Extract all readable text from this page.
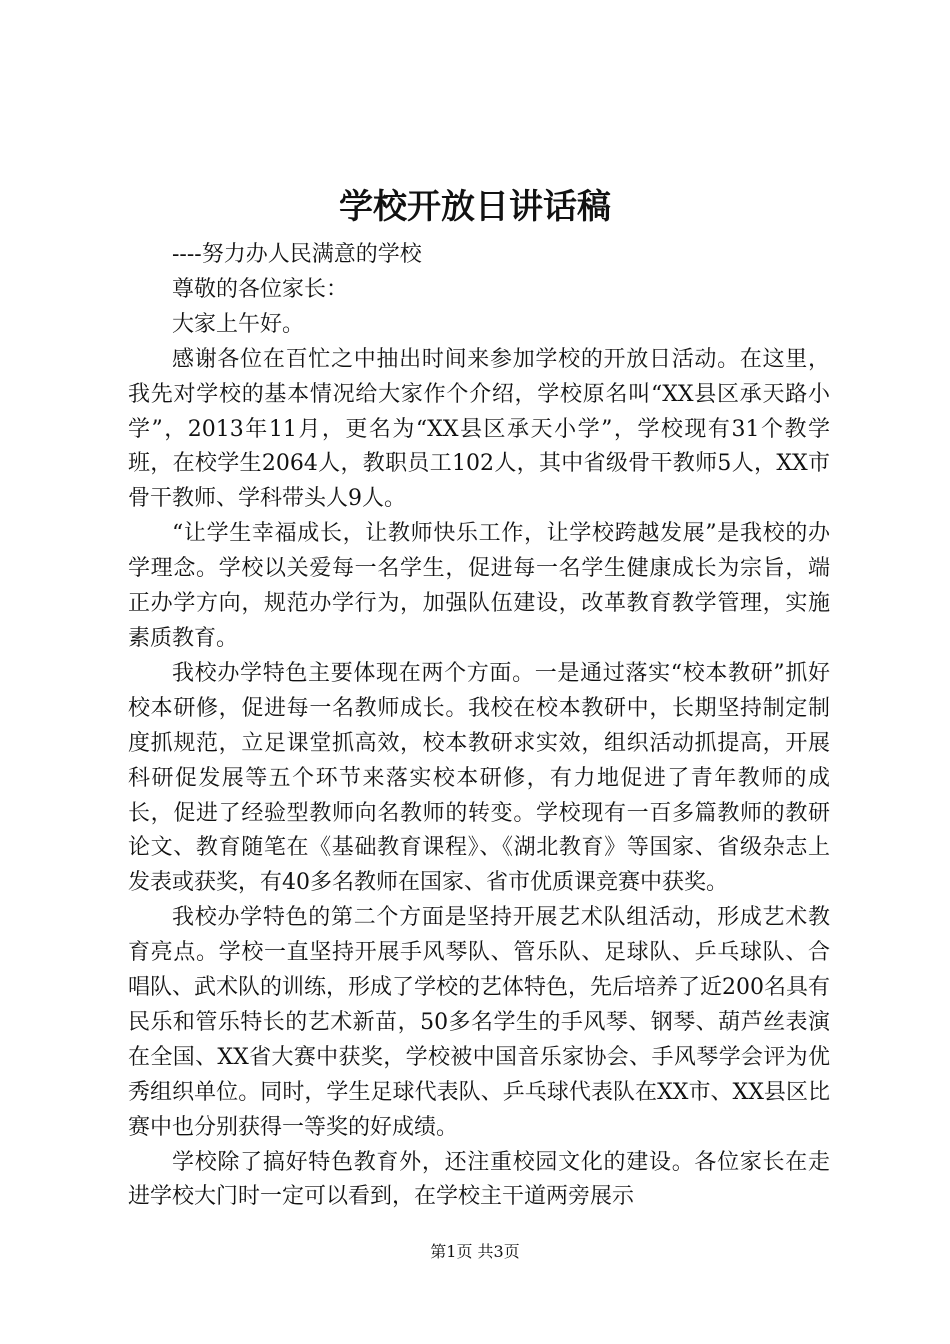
学校开放日讲话稿

----努力办人民满意的学校

尊敬的各位家长：

大家上午好。

感谢各位在百忙之中抽出时间来参加学校的开放日活动。在这里，我先对学校的基本情况给大家作个介绍，学校原名叫“XX县区承天路小学”，2013年11月，更名为“XX县区承天小学”，学校现有31个教学班，在校学生2064人，教职员工102人，其中省级骨干教师5人，XX市骨干教师、学科带头人9人。

“让学生幸福成长，让教师快乐工作，让学校跨越发展”是我校的办学理念。学校以关爱每一名学生，促进每一名学生健康成长为宗旨，端正办学方向，规范办学行为，加强队伍建设，改革教育教学管理，实施素质教育。

我校办学特色主要体现在两个方面。一是通过落实“校本教研”抓好校本研修，促进每一名教师成长。我校在校本教研中，长期坚持制定制度抓规范，立足课堂抓高效，校本教研求实效，组织活动抓提高，开展科研促发展等五个环节来落实校本研修，有力地促进了青年教师的成长，促进了经验型教师向名教师的转变。学校现有一百多篇教师的教研论文、教育随笔在《基础教育课程》、《湖北教育》等国家、省级杂志上发表或获奖，有40多名教师在国家、省市优质课竞赛中获奖。

我校办学特色的第二个方面是坚持开展艺术队组活动，形成艺术教育亮点。学校一直坚持开展手风琴队、管乐队、足球队、乒乓球队、合唱队、武术队的训练，形成了学校的艺体特色，先后培养了近200名具有民乐和管乐特长的艺术新苗，50多名学生的手风琴、钢琴、葫芦丝表演在全国、XX省大赛中获奖，学校被中国音乐家协会、手风琴学会评为优秀组织单位。同时，学生足球代表队、乒乓球代表队在XX市、XX县区比赛中也分别获得一等奖的好成绩。

学校除了搞好特色教育外，还注重校园文化的建设。各位家长在走进学校大门时一定可以看到，在学校主干道两旁展示

第1页 共3页
